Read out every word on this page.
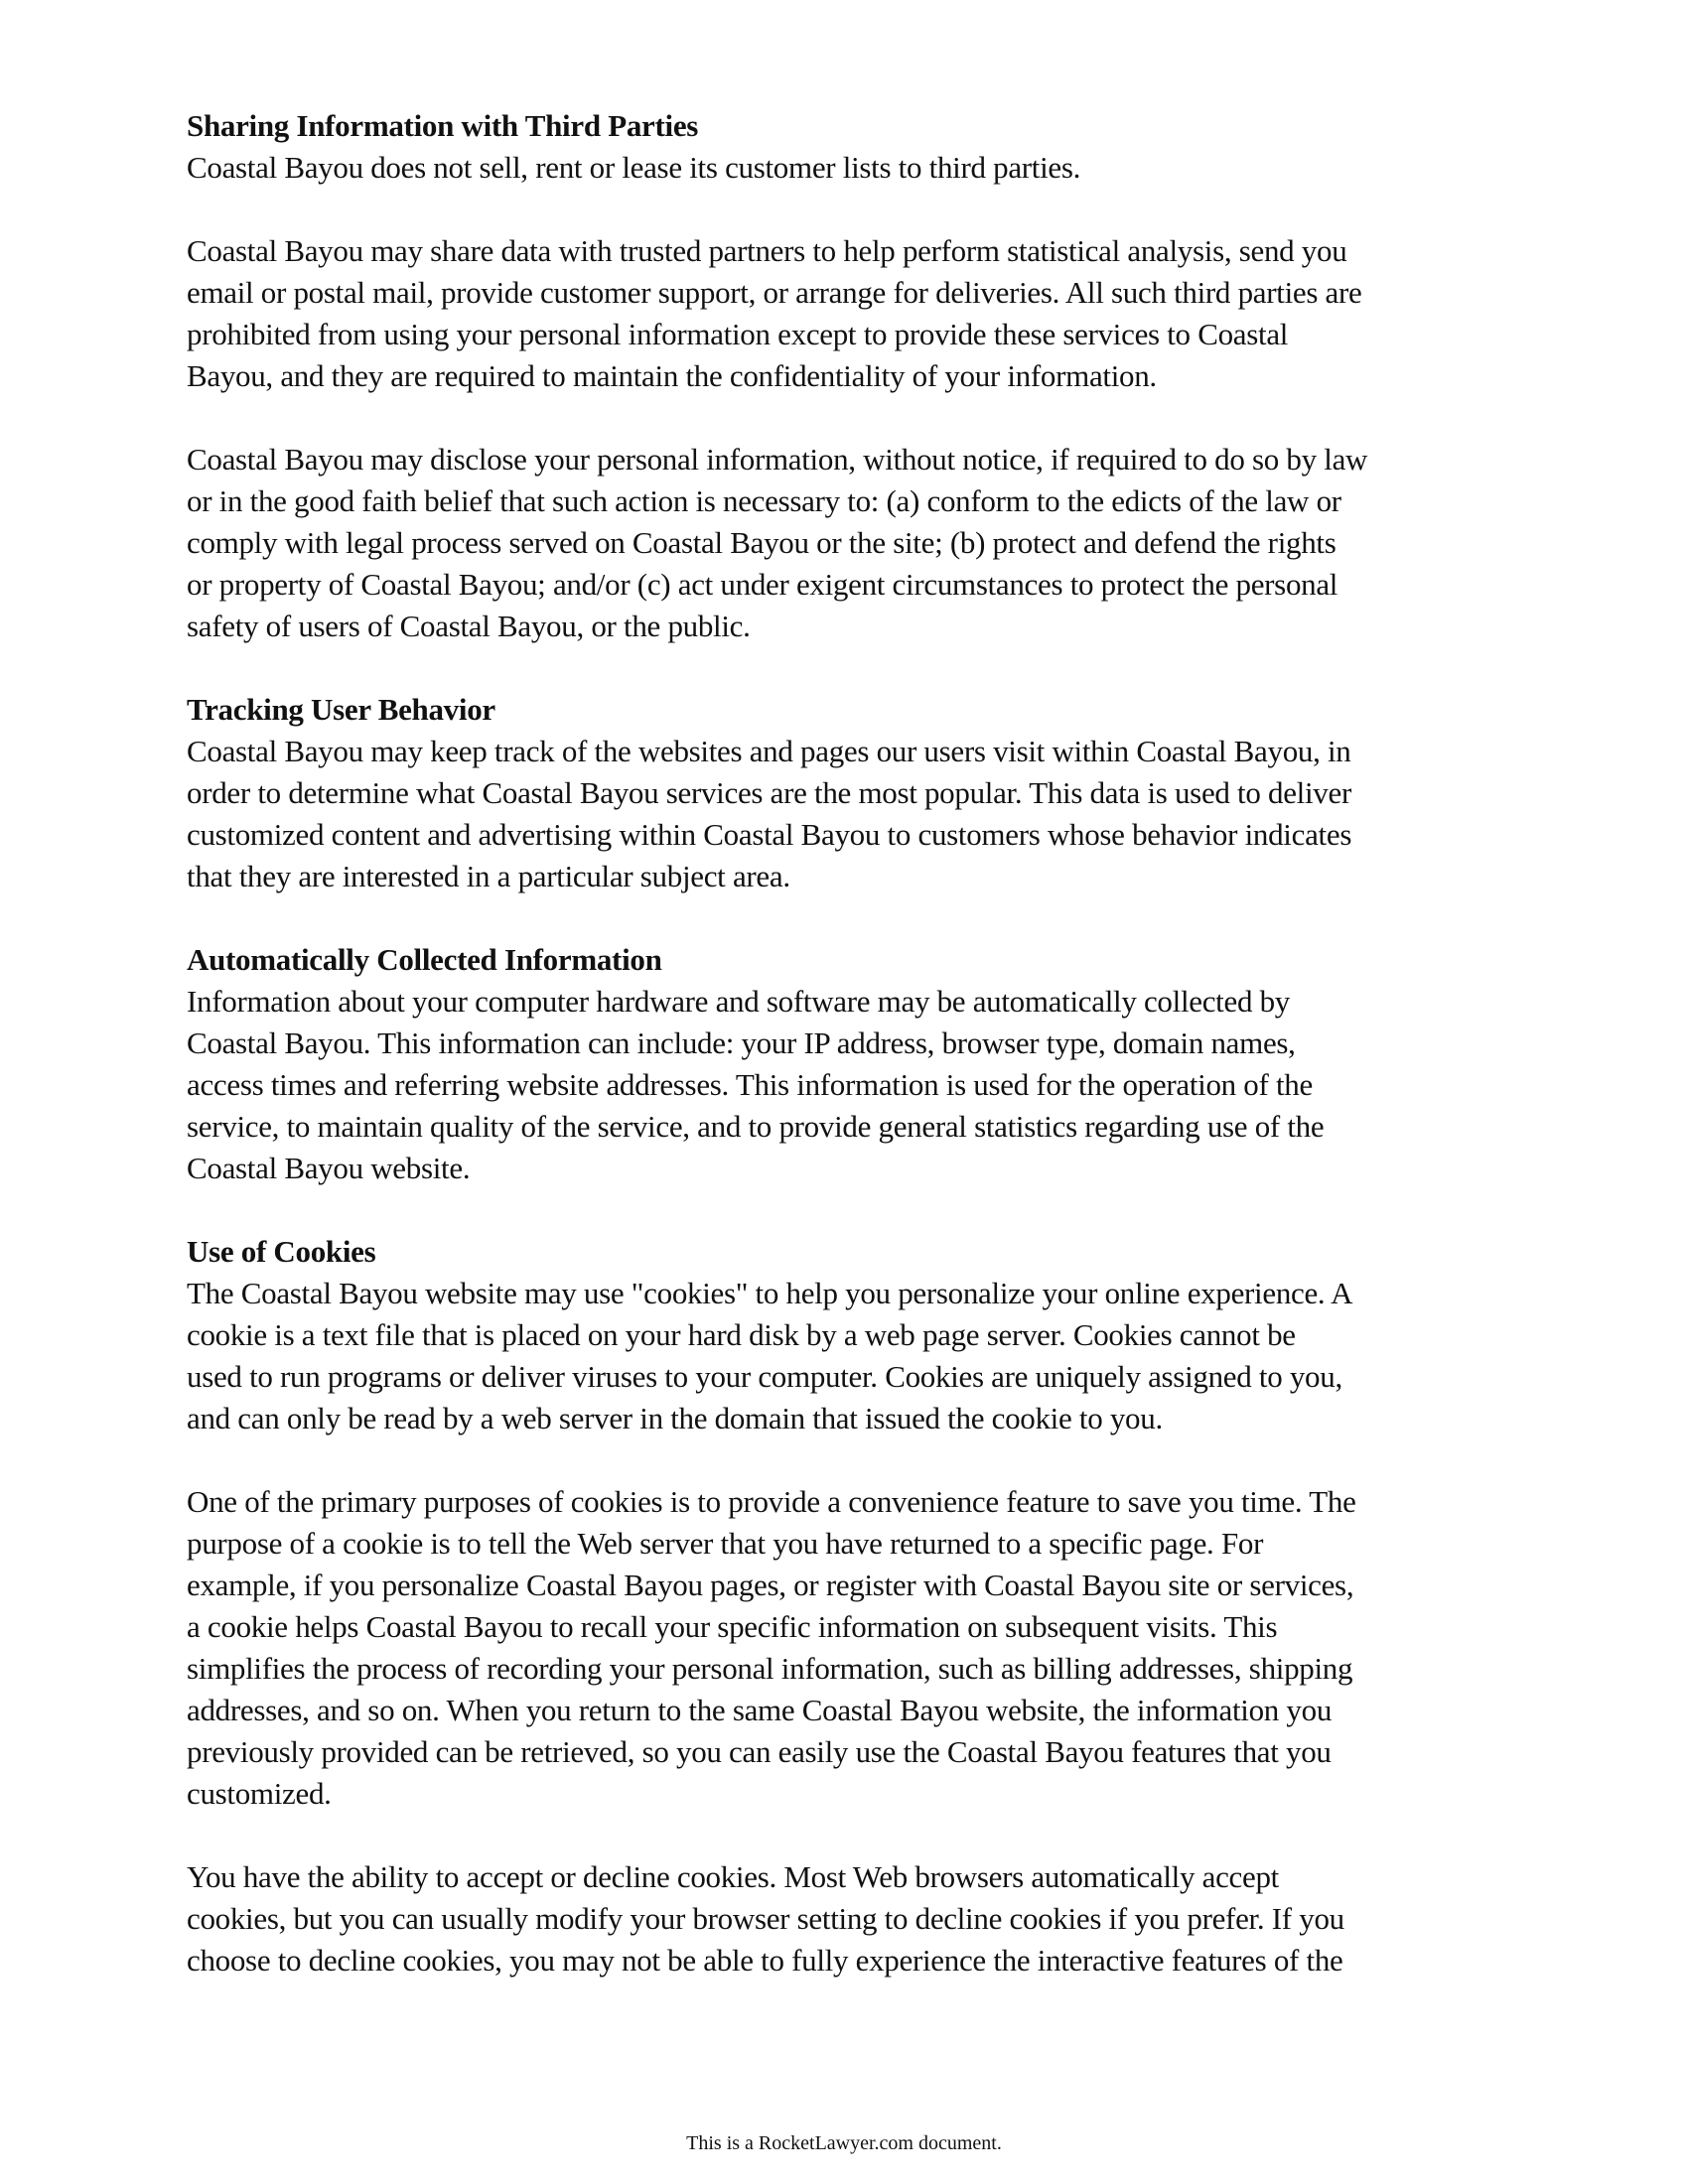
Sharing Information with Third Parties
Coastal Bayou does not sell, rent or lease its customer lists to third parties.
Coastal Bayou may share data with trusted partners to help perform statistical analysis, send you
email or postal mail, provide customer support, or arrange for deliveries. All such third parties are
prohibited from using your personal information except to provide these services to Coastal
Bayou, and they are required to maintain the confidentiality of your information.
Coastal Bayou may disclose your personal information, without notice, if required to do so by law
or in the good faith belief that such action is necessary to: (a) conform to the edicts of the law or
comply with legal process served on Coastal Bayou or the site; (b) protect and defend the rights
or property of Coastal Bayou; and/or (c) act under exigent circumstances to protect the personal
safety of users of Coastal Bayou, or the public.
Tracking User Behavior
Coastal Bayou may keep track of the websites and pages our users visit within Coastal Bayou, in
order to determine what Coastal Bayou services are the most popular. This data is used to deliver
customized content and advertising within Coastal Bayou to customers whose behavior indicates
that they are interested in a particular subject area.
Automatically Collected Information
Information about your computer hardware and software may be automatically collected by
Coastal Bayou. This information can include: your IP address, browser type, domain names,
access times and referring website addresses. This information is used for the operation of the
service, to maintain quality of the service, and to provide general statistics regarding use of the
Coastal Bayou website.
Use of Cookies
The Coastal Bayou website may use "cookies" to help you personalize your online experience. A
cookie is a text file that is placed on your hard disk by a web page server. Cookies cannot be
used to run programs or deliver viruses to your computer. Cookies are uniquely assigned to you,
and can only be read by a web server in the domain that issued the cookie to you.
One of the primary purposes of cookies is to provide a convenience feature to save you time. The
purpose of a cookie is to tell the Web server that you have returned to a specific page. For
example, if you personalize Coastal Bayou pages, or register with Coastal Bayou site or services,
a cookie helps Coastal Bayou to recall your specific information on subsequent visits. This
simplifies the process of recording your personal information, such as billing addresses, shipping
addresses, and so on. When you return to the same Coastal Bayou website, the information you
previously provided can be retrieved, so you can easily use the Coastal Bayou features that you
customized.
You have the ability to accept or decline cookies. Most Web browsers automatically accept
cookies, but you can usually modify your browser setting to decline cookies if you prefer. If you
choose to decline cookies, you may not be able to fully experience the interactive features of the
This is a RocketLawyer.com document.
